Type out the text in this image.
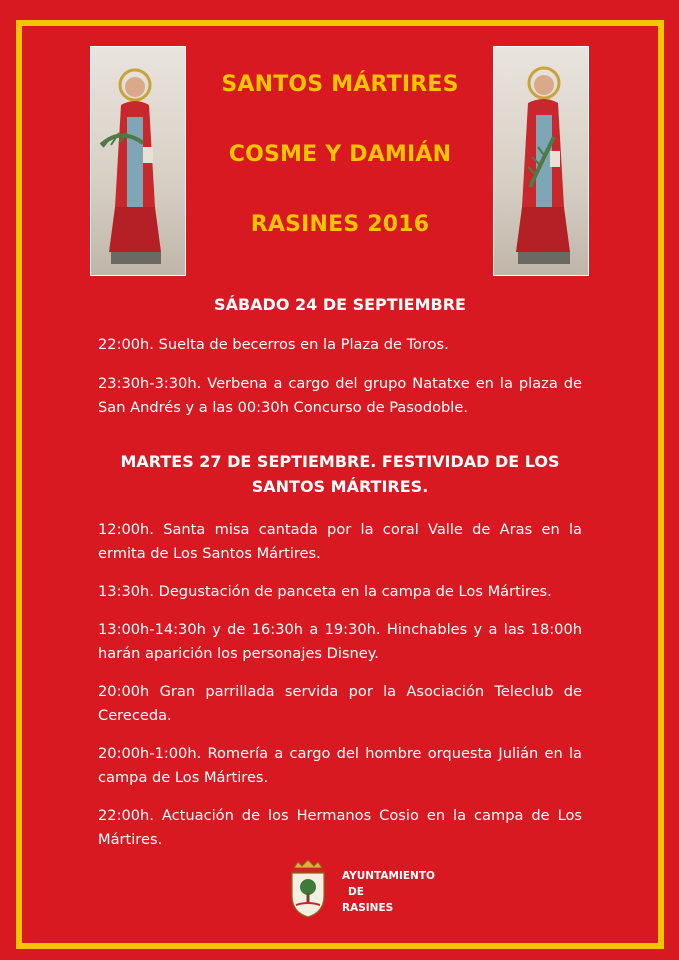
SANTOS MÁRTIRES
COSME Y DAMIÁN
RASINES 2016
SÁBADO 24 DE SEPTIEMBRE
22:00h. Suelta de becerros en la Plaza de Toros.
23:30h-3:30h. Verbena a cargo del grupo Natatxe en la plaza de San Andrés y a las 00:30h Concurso de Pasodoble.
MARTES 27 DE SEPTIEMBRE. FESTIVIDAD DE LOS SANTOS MÁRTIRES.
12:00h. Santa misa cantada por la coral Valle de Aras en la ermita de Los Santos Mártires.
13:30h. Degustación de panceta en la campa de Los Mártires.
13:00h-14:30h y de 16:30h a 19:30h. Hinchables y a las 18:00h harán aparición los personajes Disney.
20:00h Gran parrillada servida por la Asociación Teleclub de Cereceda.
20:00h-1:00h. Romería a cargo del hombre orquesta Julián en la campa de Los Mártires.
22:00h. Actuación de los Hermanos Cosio en la campa de Los Mártires.
AYUNTAMIENTO
DE
RASINES
